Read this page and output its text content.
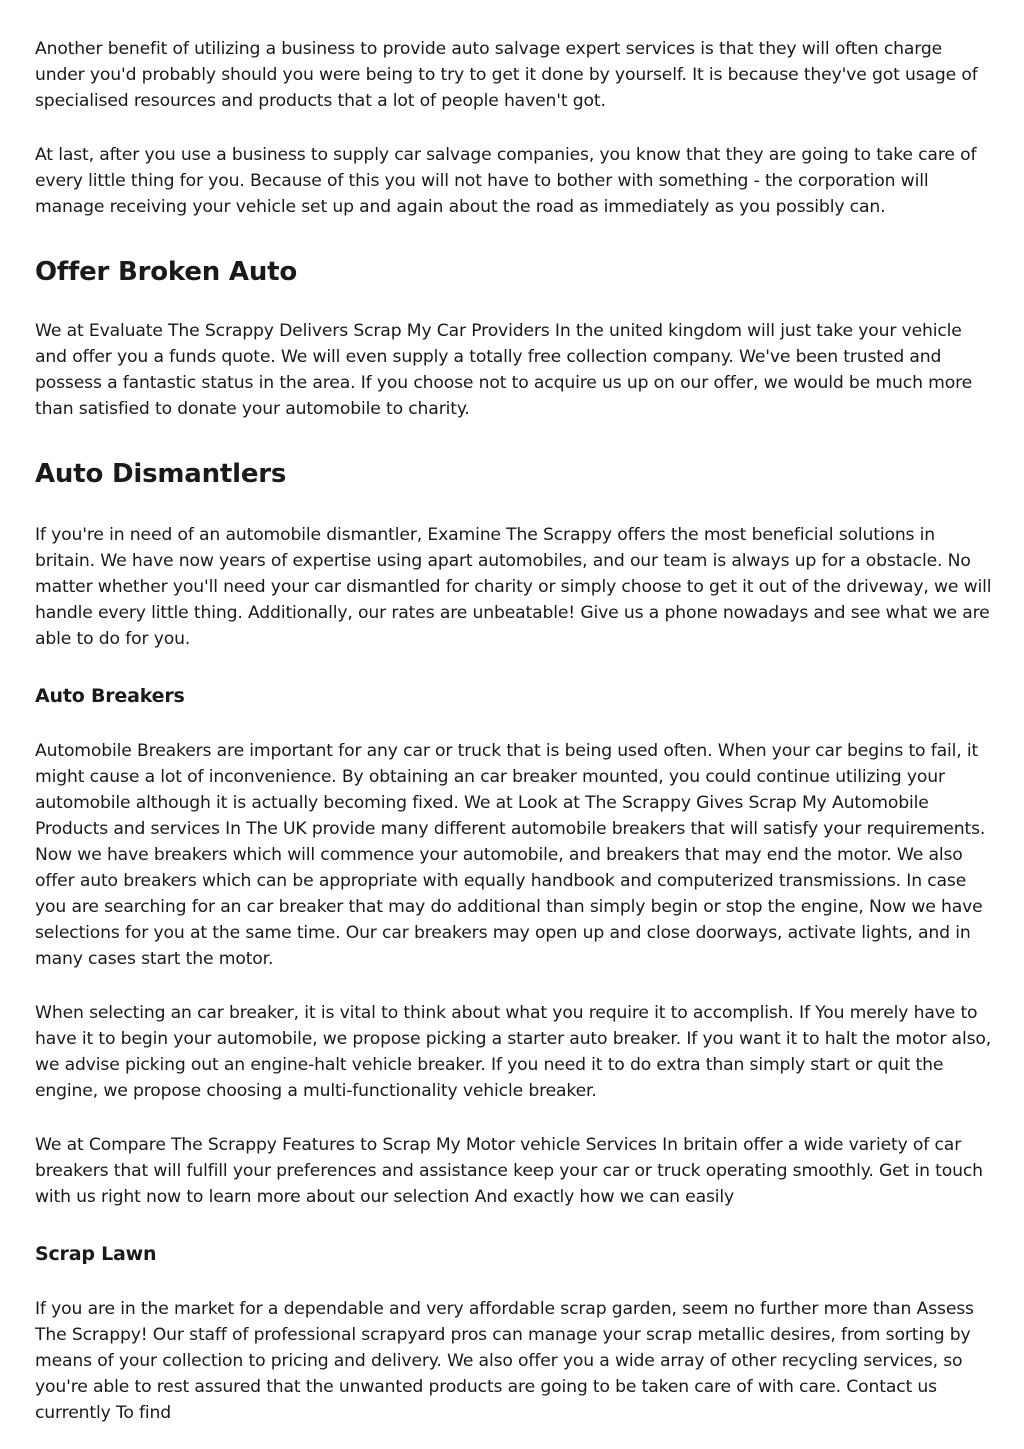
Another benefit of utilizing a business to provide auto salvage expert services is that they will often charge under you'd probably should you were being to try to get it done by yourself. It is because they've got usage of specialised resources and products that a lot of people haven't got.

At last, after you use a business to supply car salvage companies, you know that they are going to take care of every little thing for you. Because of this you will not have to bother with something - the corporation will manage receiving your vehicle set up and again about the road as immediately as you possibly can.

Offer Broken Auto

We at Evaluate The Scrappy Delivers Scrap My Car Providers In the united kingdom will just take your vehicle and offer you a funds quote. We will even supply a totally free collection company. We've been trusted and possess a fantastic status in the area. If you choose not to acquire us up on our offer, we would be much more than satisfied to donate your automobile to charity.

Auto Dismantlers

If you're in need of an automobile dismantler, Examine The Scrappy offers the most beneficial solutions in britain. We have now years of expertise using apart automobiles, and our team is always up for a obstacle. No matter whether you'll need your car dismantled for charity or simply choose to get it out of the driveway, we will handle every little thing. Additionally, our rates are unbeatable! Give us a phone nowadays and see what we are able to do for you.

Auto Breakers

Automobile Breakers are important for any car or truck that is being used often. When your car begins to fail, it might cause a lot of inconvenience. By obtaining an car breaker mounted, you could continue utilizing your automobile although it is actually becoming fixed. We at Look at The Scrappy Gives Scrap My Automobile Products and services In The UK provide many different automobile breakers that will satisfy your requirements. Now we have breakers which will commence your automobile, and breakers that may end the motor. We also offer auto breakers which can be appropriate with equally handbook and computerized transmissions. In case you are searching for an car breaker that may do additional than simply begin or stop the engine, Now we have selections for you at the same time. Our car breakers may open up and close doorways, activate lights, and in many cases start the motor.

When selecting an car breaker, it is vital to think about what you require it to accomplish. If You merely have to have it to begin your automobile, we propose picking a starter auto breaker. If you want it to halt the motor also, we advise picking out an engine-halt vehicle breaker. If you need it to do extra than simply start or quit the engine, we propose choosing a multi-functionality vehicle breaker.

We at Compare The Scrappy Features to Scrap My Motor vehicle Services In britain offer a wide variety of car breakers that will fulfill your preferences and assistance keep your car or truck operating smoothly. Get in touch with us right now to learn more about our selection And exactly how we can easily

Scrap Lawn

If you are in the market for a dependable and very affordable scrap garden, seem no further more than Assess The Scrappy! Our staff of professional scrapyard pros can manage your scrap metallic desires, from sorting by means of your collection to pricing and delivery. We also offer you a wide array of other recycling services, so you're able to rest assured that the unwanted products are going to be taken care of with care. Contact us currently To find
